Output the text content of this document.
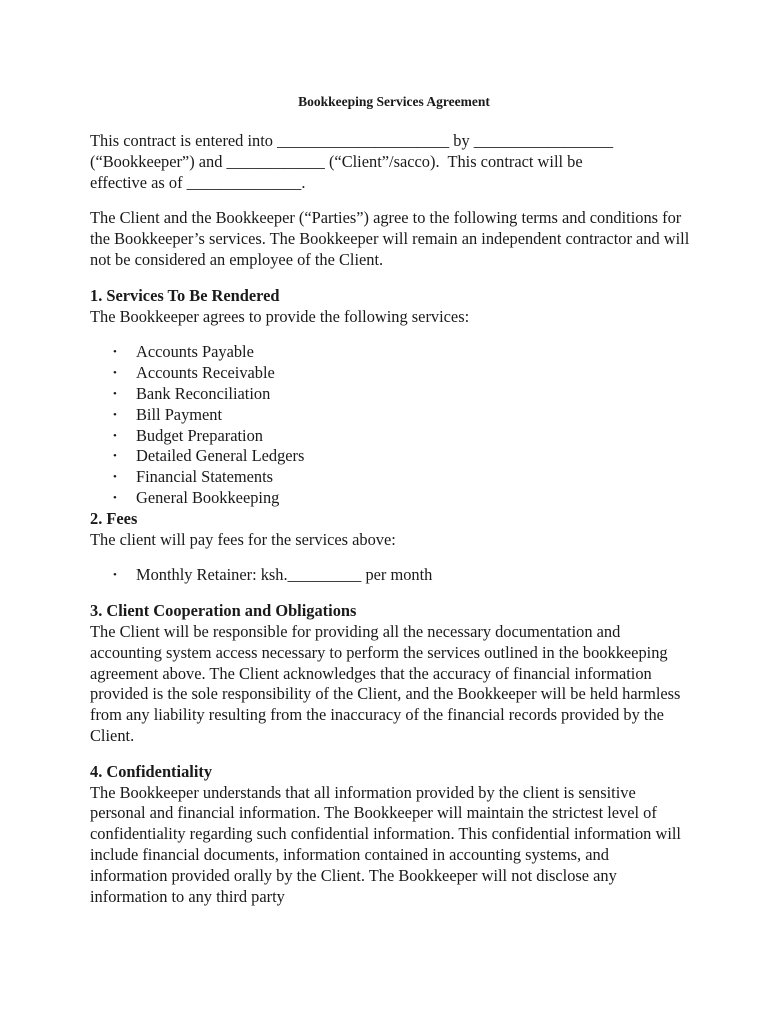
Bookkeeping Services Agreement

This contract is entered into _____________________ by _________________
(“Bookkeeper”) and ____________ (“Client”/sacco).  This contract will be
effective as of ______________.

The Client and the Bookkeeper (“Parties”) agree to the following terms and conditions for the Bookkeeper’s services. The Bookkeeper will remain an independent contractor and will not be considered an employee of the Client.

1. Services To Be Rendered
The Bookkeeper agrees to provide the following services:
• Accounts Payable
• Accounts Receivable
• Bank Reconciliation
• Bill Payment
• Budget Preparation
• Detailed General Ledgers
• Financial Statements
• General Bookkeeping
2. Fees
The client will pay fees for the services above:
• Monthly Retainer: ksh._________ per month
3. Client Cooperation and Obligations

The Client will be responsible for providing all the necessary documentation and accounting system access necessary to perform the services outlined in the bookkeeping agreement above. The Client acknowledges that the accuracy of financial information provided is the sole responsibility of the Client, and the Bookkeeper will be held harmless from any liability resulting from the inaccuracy of the financial records provided by the Client.

4. Confidentiality

The Bookkeeper understands that all information provided by the client is sensitive personal and financial information. The Bookkeeper will maintain the strictest level of confidentiality regarding such confidential information. This confidential information will include financial documents, information contained in accounting systems, and information provided orally by the Client. The Bookkeeper will not disclose any information to any third party
